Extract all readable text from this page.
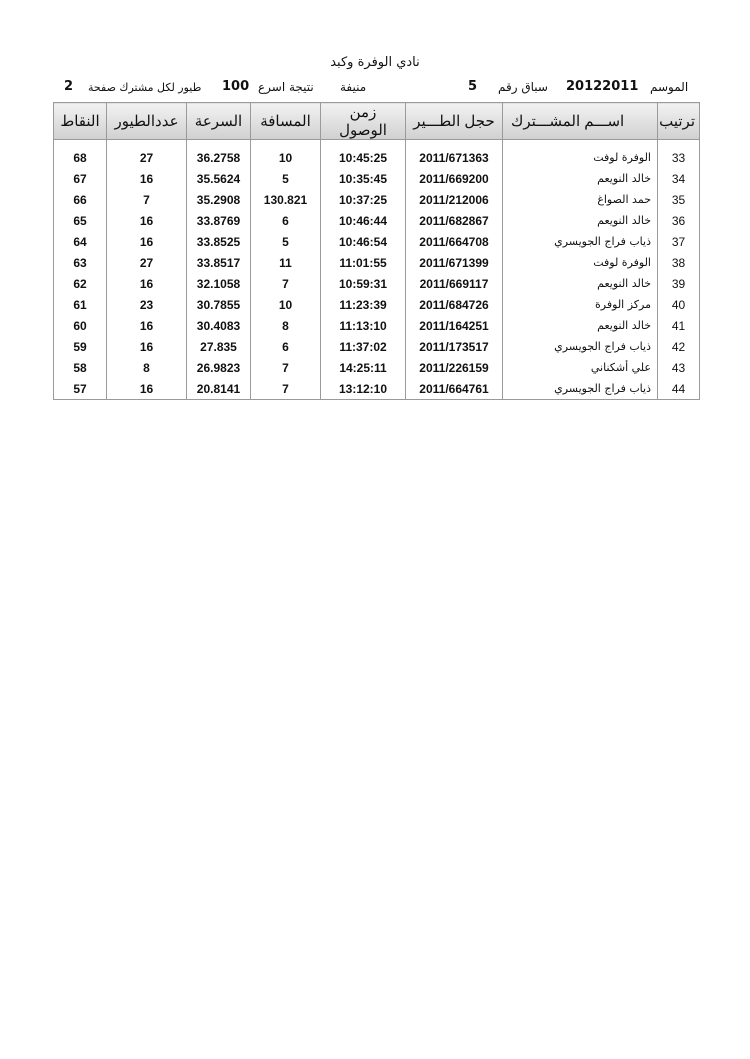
نادي الوفرة وكبد
الموسم
20122011
سباق رقم
5
منيفة
نتيجة اسرع
100
طيور لكل مشترك صفحة
2
ترتيب	اســـم المشـــترك	حجل الطـــير	زمن الوصول	المسافة	السرعة	عددالطيور	النقاط

33	الوفرة لوفت	2011/671363	10:45:25	10	36.2758	27	68
34	خالد النويعم	2011/669200	10:35:45	5	35.5624	16	67
35	حمد الصواغ	2011/212006	10:37:25	130.821	35.2908	7	66
36	خالد النويعم	2011/682867	10:46:44	6	33.8769	16	65
37	ذياب فراج الجويسري	2011/664708	10:46:54	5	33.8525	16	64
38	الوفرة لوفت	2011/671399	11:01:55	11	33.8517	27	63
39	خالد النويعم	2011/669117	10:59:31	7	32.1058	16	62
40	مركز الوفرة	2011/684726	11:23:39	10	30.7855	23	61
41	خالد النويعم	2011/164251	11:13:10	8	30.4083	16	60
42	ذياب فراج الجويسري	2011/173517	11:37:02	6	27.835	16	59
43	علي أشكناني	2011/226159	14:25:11	7	26.9823	8	58
44	ذياب فراج الجويسري	2011/664761	13:12:10	7	20.8141	16	57
